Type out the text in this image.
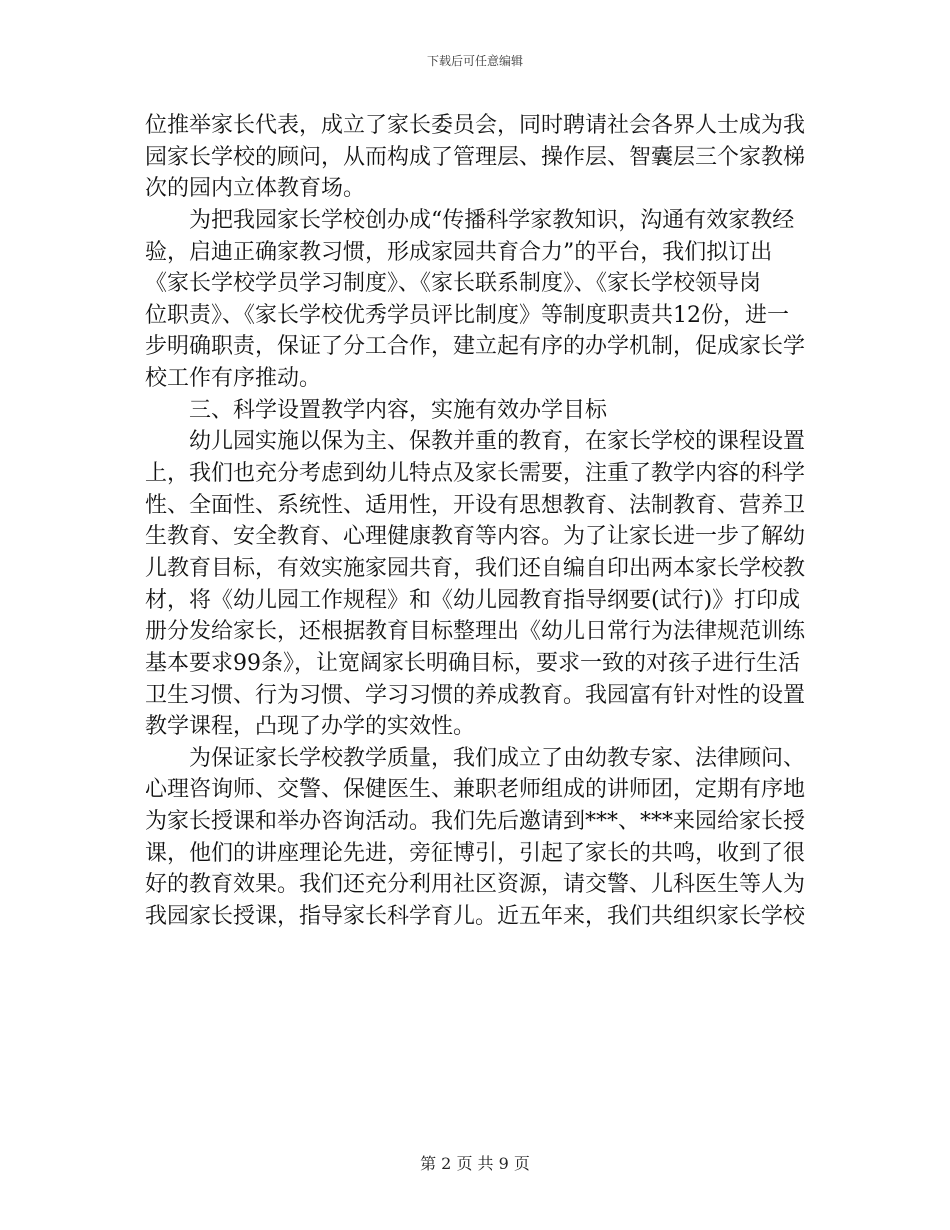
下载后可任意编辑
位推举家长代表，成立了家长委员会，同时聘请社会各界人士成为我
园家长学校的顾问，从而构成了管理层、操作层、智囊层三个家教梯
次的园内立体教育场。
　　为把我园家长学校创办成“传播科学家教知识，沟通有效家教经
验，启迪正确家教习惯，形成家园共育合力”的平台，我们拟订出
《家长学校学员学习制度》、《家长联系制度》、《家长学校领导岗
位职责》、《家长学校优秀学员评比制度》等制度职责共12份，进一
步明确职责，保证了分工合作，建立起有序的办学机制，促成家长学
校工作有序推动。
　　三、科学设置教学内容，实施有效办学目标
　　幼儿园实施以保为主、保教并重的教育，在家长学校的课程设置
上，我们也充分考虑到幼儿特点及家长需要，注重了教学内容的科学
性、全面性、系统性、适用性，开设有思想教育、法制教育、营养卫
生教育、安全教育、心理健康教育等内容。为了让家长进一步了解幼
儿教育目标，有效实施家园共育，我们还自编自印出两本家长学校教
材，将《幼儿园工作规程》和《幼儿园教育指导纲要(试行)》打印成
册分发给家长，还根据教育目标整理出《幼儿日常行为法律规范训练
基本要求99条》，让宽阔家长明确目标，要求一致的对孩子进行生活
卫生习惯、行为习惯、学习习惯的养成教育。我园富有针对性的设置
教学课程，凸现了办学的实效性。
　　为保证家长学校教学质量，我们成立了由幼教专家、法律顾问、
心理咨询师、交警、保健医生、兼职老师组成的讲师团，定期有序地
为家长授课和举办咨询活动。我们先后邀请到***、***来园给家长授
课，他们的讲座理论先进，旁征博引，引起了家长的共鸣，收到了很
好的教育效果。我们还充分利用社区资源，请交警、儿科医生等人为
我园家长授课，指导家长科学育儿。近五年来，我们共组织家长学校
第 2 页 共 9 页
